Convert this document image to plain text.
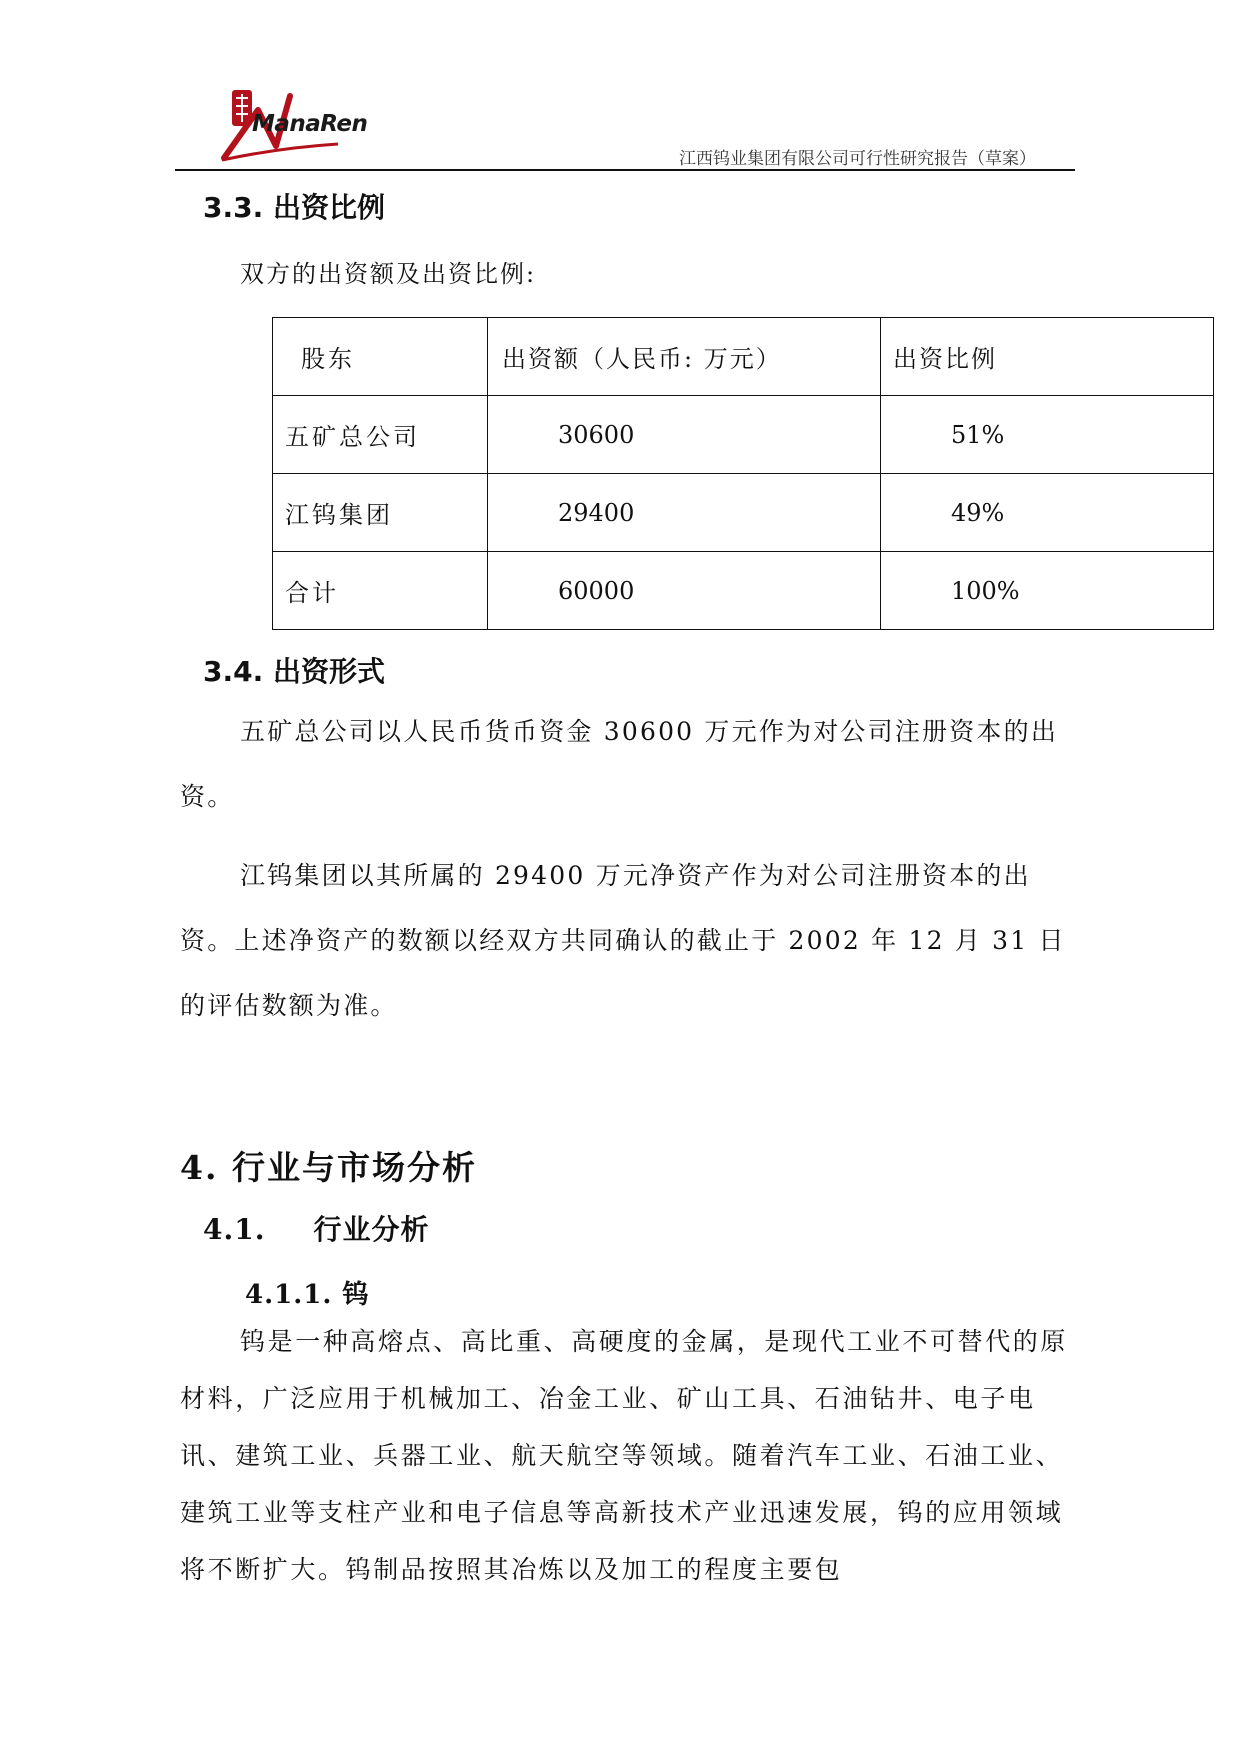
ManaRen
江西钨业集团有限公司可行性研究报告（草案）
3.3. 出资比例

双方的出资额及出资比例:

股东	出资额（人民币: 万元）	出资比例
五矿总公司	30600	51%
江钨集团	29400	49%
合计	60000	100%
3.4. 出资形式

五矿总公司以人民币货币资金 30600 万元作为对公司注册资本的出资。

江钨集团以其所属的 29400 万元净资产作为对公司注册资本的出资。上述净资产的数额以经双方共同确认的截止于 2002 年 12 月 31 日的评估数额为准。

4. 行业与市场分析
4.1. 行业分析
4.1.1. 钨

钨是一种高熔点、高比重、高硬度的金属，是现代工业不可替代的原材料，广泛应用于机械加工、冶金工业、矿山工具、石油钻井、电子电讯、建筑工业、兵器工业、航天航空等领域。随着汽车工业、石油工业、建筑工业等支柱产业和电子信息等高新技术产业迅速发展，钨的应用领域将不断扩大。钨制品按照其冶炼以及加工的程度主要包
